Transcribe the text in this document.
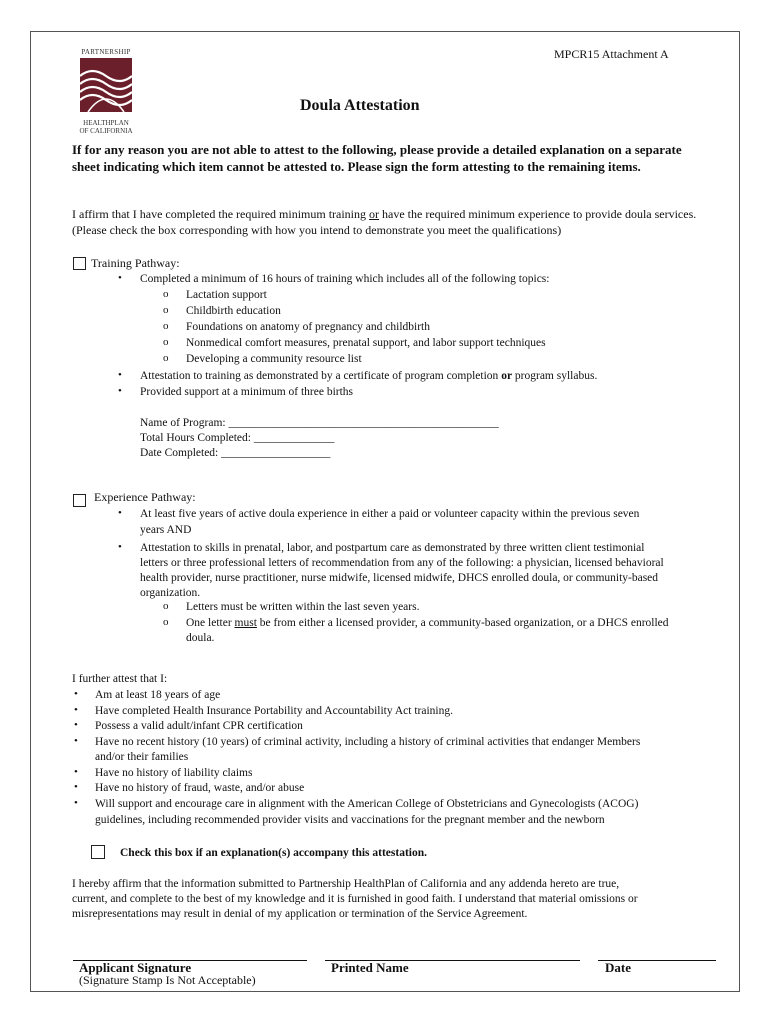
MPCR15 Attachment A
PARTNERSHIP
HEALTHPLAN
OF CALIFORNIA
Doula Attestation
If for any reason you are not able to attest to the following, please provide a detailed explanation on a separate sheet indicating which item cannot be attested to. Please sign the form attesting to the remaining items.
I affirm that I have completed the required minimum training or have the required minimum experience to provide doula services. (Please check the box corresponding with how you intend to demonstrate you meet the qualifications)
Training Pathway:
• Completed a minimum of 16 hours of training which includes all of the following topics:
o Lactation support
o Childbirth education
o Foundations on anatomy of pregnancy and childbirth
o Nonmedical comfort measures, prenatal support, and labor support techniques
o Developing a community resource list
• Attestation to training as demonstrated by a certificate of program completion or program syllabus.
• Provided support at a minimum of three births
Name of Program: _______________________________________________
Total Hours Completed: ______________
Date Completed: ___________________
Experience Pathway:
• At least five years of active doula experience in either a paid or volunteer capacity within the previous seven
years AND
• Attestation to skills in prenatal, labor, and postpartum care as demonstrated by three written client testimonial
letters or three professional letters of recommendation from any of the following: a physician, licensed behavioral
health provider, nurse practitioner, nurse midwife, licensed midwife, DHCS enrolled doula, or community-based
organization.
o Letters must be written within the last seven years.
o One letter must be from either a licensed provider, a community-based organization, or a DHCS enrolled
doula.
I further attest that I:
• Am at least 18 years of age
• Have completed Health Insurance Portability and Accountability Act training.
• Possess a valid adult/infant CPR certification
• Have no recent history (10 years) of criminal activity, including a history of criminal activities that endanger Members
and/or their families
• Have no history of liability claims
• Have no history of fraud, waste, and/or abuse
• Will support and encourage care in alignment with the American College of Obstetricians and Gynecologists (ACOG)
guidelines, including recommended provider visits and vaccinations for the pregnant member and the newborn
Check this box if an explanation(s) accompany this attestation.
I hereby affirm that the information submitted to Partnership HealthPlan of California and any addenda hereto are true,
current, and complete to the best of my knowledge and it is furnished in good faith. I understand that material omissions or
misrepresentations may result in denial of my application or termination of the Service Agreement.
Applicant Signature
(Signature Stamp Is Not Acceptable)
Printed Name	Date
